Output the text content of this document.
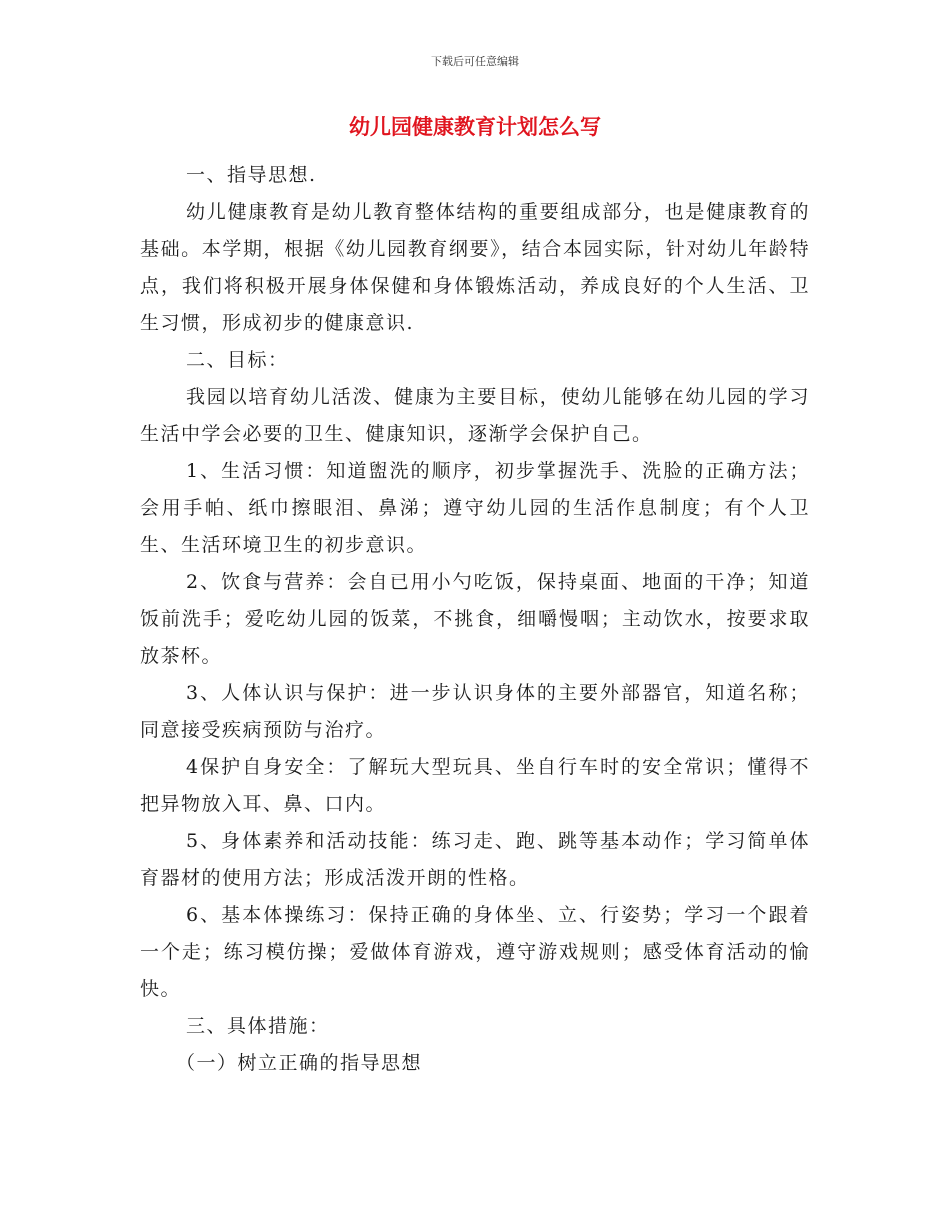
下载后可任意编辑
幼儿园健康教育计划怎么写

一、指导思想.

幼儿健康教育是幼儿教育整体结构的重要组成部分，也是健康教育的基础。本学期，根据《幼儿园教育纲要》，结合本园实际，针对幼儿年龄特点，我们将积极开展身体保健和身体锻炼活动，养成良好的个人生活、卫生习惯，形成初步的健康意识.

二、目标：

我园以培育幼儿活泼、健康为主要目标，使幼儿能够在幼儿园的学习生活中学会必要的卫生、健康知识，逐渐学会保护自己。

1、生活习惯：知道盥洗的顺序，初步掌握洗手、洗脸的正确方法；会用手帕、纸巾擦眼泪、鼻涕；遵守幼儿园的生活作息制度；有个人卫生、生活环境卫生的初步意识。

2、饮食与营养：会自已用小勺吃饭，保持桌面、地面的干净；知道饭前洗手；爱吃幼儿园的饭菜，不挑食，细嚼慢咽；主动饮水，按要求取放茶杯。

3、人体认识与保护：进一步认识身体的主要外部器官，知道名称；同意接受疾病预防与治疗。

4保护自身安全：了解玩大型玩具、坐自行车时的安全常识；懂得不把异物放入耳、鼻、口内。

5、身体素养和活动技能：练习走、跑、跳等基本动作；学习简单体育器材的使用方法；形成活泼开朗的性格。

6、基本体操练习：保持正确的身体坐、立、行姿势；学习一个跟着一个走；练习模仿操；爱做体育游戏，遵守游戏规则；感受体育活动的愉快。

三、具体措施：

（一）树立正确的指导思想
